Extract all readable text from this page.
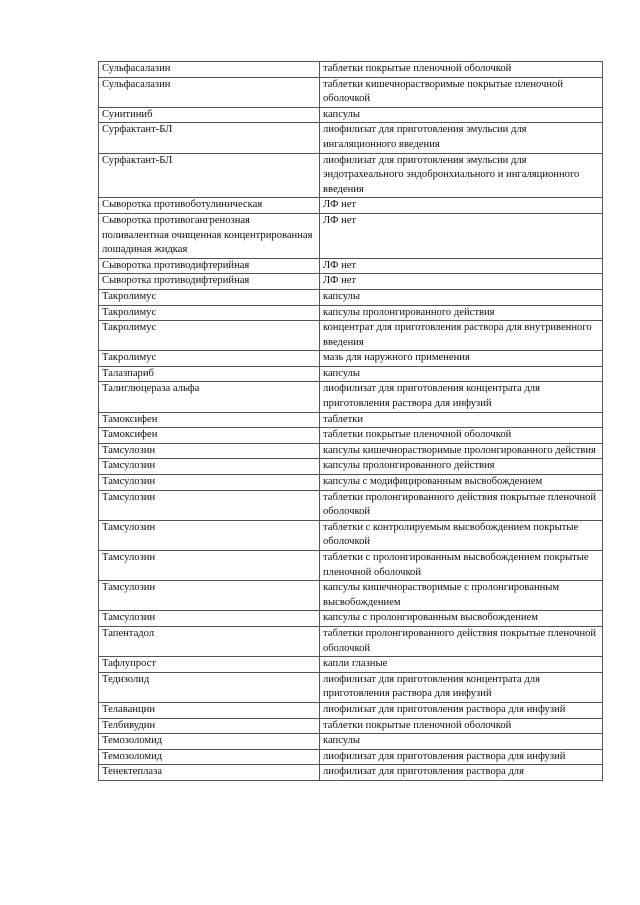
Сульфасалазин	таблетки покрытые пленочной оболочкой
Сульфасалазин	таблетки кишечнорастворимые покрытые пленочной оболочкой
Сунитиниб	капсулы
Сурфактант-БЛ	лиофилизат для приготовления эмульсии для ингаляционного введения
Сурфактант-БЛ	лиофилизат для приготовления эмульсии для эндотрахеального эндобронхиального и ингаляционного введения
Сыворотка противоботулиническая	ЛФ нет
Сыворотка противогангренозная поливалентная очищенная концентрированная лошадиная жидкая	ЛФ нет
Сыворотка противодифтерийная	ЛФ нет
Сыворотка противодифтерийная	ЛФ нет
Такролимус	капсулы
Такролимус	капсулы пролонгированного действия
Такролимус	концентрат для приготовления раствора для внутривенного введения
Такролимус	мазь для наружного применения
Талазпариб	капсулы
Талиглюцераза альфа	лиофилизат для приготовления концентрата для приготовления раствора для инфузий
Тамоксифен	таблетки
Тамоксифен	таблетки покрытые пленочной оболочкой
Тамсулозин	капсулы кишечнорастворимые пролонгированного действия
Тамсулозин	капсулы пролонгированного действия
Тамсулозин	капсулы с модифицированным высвобождением
Тамсулозин	таблетки пролонгированного действия покрытые пленочной оболочкой
Тамсулозин	таблетки с контролируемым высвобождением покрытые оболочкой
Тамсулозин	таблетки с пролонгированным высвобождением покрытые пленочной оболочкой
Тамсулозин	капсулы кишечнорастворимые с пролонгированным высвобождением
Тамсулозин	капсулы с пролонгированным высвобождением
Тапентадол	таблетки пролонгированного действия покрытые пленочной оболочкой
Тафлупрост	капли глазные
Тедизолид	лиофилизат для приготовления концентрата для приготовления раствора для инфузий
Телаванцин	лиофилизат для приготовления раствора для инфузий
Телбивудин	таблетки покрытые пленочной оболочкой
Темозоломид	капсулы
Темозоломид	лиофилизат для приготовления раствора для инфузий
Тенектеплаза	лиофилизат для приготовления раствора для
